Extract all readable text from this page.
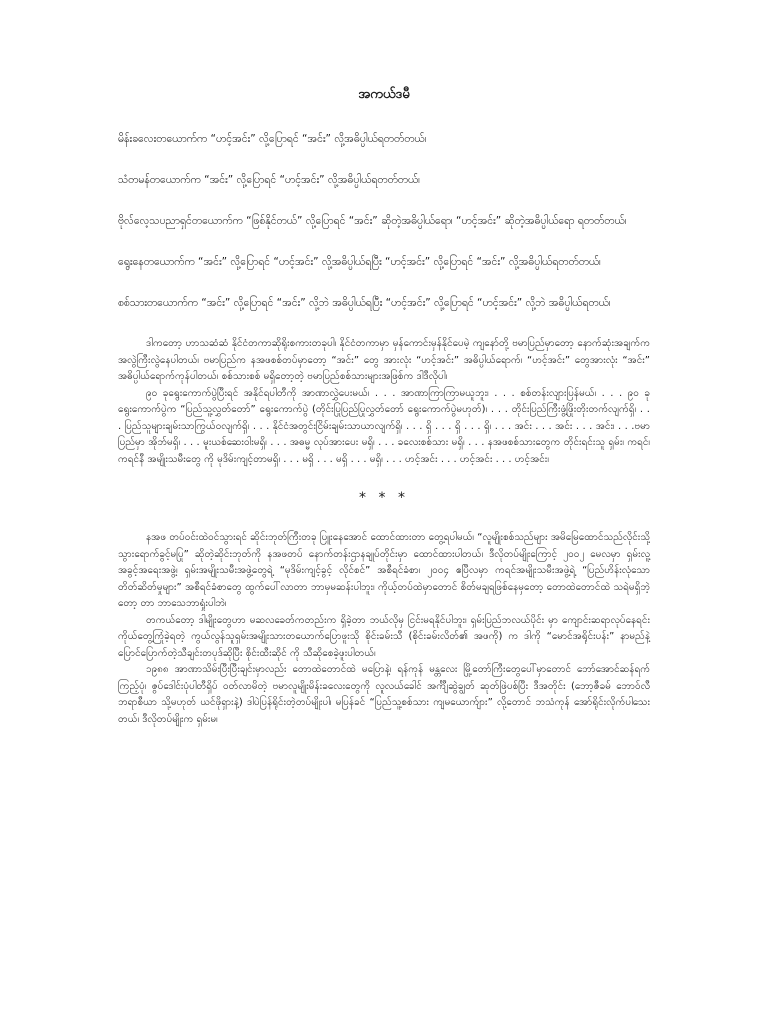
အကယ်ဒမီ

မိန်းခလေးတယောက်က “ဟင့်အင်း” လို့ပြောရင် “အင်း” လို့အဓိပ္ပါယ်ရတတ်တယ်၊

သံတမန်တယောက်က “အင်း” လို့ပြောရင် “ဟင့်အင်း” လို့အဓိပ္ပါယ်ရတတ်တယ်၊

ဗိုလ်လေ့သပညာရှင်တယောက်က “ဖြစ်နိုင်တယ်” လို့ပြောရင် “အင်း” ဆိုတဲ့အဓိပ္ပါယ်ရော၊ “ဟင့်အင်း” ဆိုတဲ့အဓိပ္ပါယ်ရော ရတတ်တယ်၊

ရွေးနေတယောက်က “အင်း” လို့ပြောရင် “ဟင့်အင်း” လို့အဓိပ္ပါယ်ရပြီး “ဟင့်အင်း” လို့ပြောရင် “အင်း” လို့အဓိပ္ပါယ်ရတတ်တယ်၊

စစ်သားတယောက်က “အင်း” လို့ပြောရင် “အင်း” လို့ဘဲ အဓိပ္ပါယ်ရပြီး “ဟင့်အင်း” လို့ပြောရင် “ဟင့်အင်း” လို့ဘဲ အဓိပ္ပါယ်ရတယ်၊

ဒါကတော့ ဟာသဆံဆံ နိုင်ငံတကာဆိုရိုးစကားတခုပါ၊ နိုင်ငံတကာမှာ မှန်ကောင်းမှန်နိုင်ပေမဲ့ ကျနော်တို့ ဗမာပြည်မှာတော့ နောက်ဆုံးအချက်က အလွဲကြီးလွဲနေပါတယ်၊ ဗမာပြည်က နအဖစစ်တပ်မှာတော့ “အင်း” တွေ အားလုံး “ဟင့်အင်း” အဓိပ္ပါယ်ရောက်၊ “ဟင့်အင်း” တွေအားလုံး “အင်း” အဓိပ္ပါယ်ရောက်ကုန်ပါတယ်၊ စစ်သားစစ် မရှိတော့တဲ့ ဗမာပြည်စစ်သားများအဖြစ်က ဒါဒီလိုပါ၊

၉၀ ခုရွေးကောက်ပွဲပြီးရင် အနိုင်ရပါတီကို အာဏာလွှဲပေးမယ်၊ . . . အာဏာကြာကြာမယူဘူး၊ . . . စစ်တန်းလျားပြန်မယ်၊ . . . ၉၀ ခုရွေးကောက်ပွဲက “ပြည်သူ့လွှတ်တော်” ရွေးကောက်ပွဲ (တိုင်းပြုပြည်ပြုလွှတ်တော် ရွေးကောက်ပွဲမဟုတ်)၊ . . . တိုင်းပြည်ကြီးဖွံ့ဖြိုးတိုးတက်လျက်ရှိ၊ . . . ပြည်သူများချမ်းသာကြွယ်ဝလျက်ရှိ၊ . . . နိုင်ငံအတွင်းငြိမ်းချမ်းသာယာလျက်ရှိ၊ . . . ရှိ . . . ရှိ . . . ရှိ၊ . . . အင်း . . . အင်း . . . အင်း၊ . . .ဗမာပြည်မှာ အိုဘ်မရှိ၊ . . . မူးယစ်ဆေးဝါးမရှိ၊ . . . အဓမ္မ လုပ်အားပေး မရှိ၊ . . . ခလေးစစ်သား မရှိ၊ . . . နအဖစစ်သားတွေက တိုင်းရင်းသူ ရှမ်း၊ ကရင်၊ ကရင်နီ အမျိုးသမီးတွေ ကို မုဒိမ်းကျင့်တာမရှိ၊ . . . မရှိ . . . မရှိ . . . မရှိ၊ . . . ဟင့်အင်း . . . ဟင့်အင်း . . . ဟင့်အင်း၊

* * *

နအဖ တပ်ဝင်းထဲဝင်သွားရင် ဆိုင်းဘုတ်ကြီးတခု ပြူးနေအောင် ထောင်ထားတာ တွေ့ရပါမယ်၊ “လူမျိုးစစ်သည်များ အမိမြေထောင်သည်လိုင်းသို့ သွားရောက်ခွင့်မပြု” ဆိုတဲ့ဆိုင်းဘုတ်ကို နအဖတပ် နောက်တန်းဌာနချုပ်တိုင်းမှာ ထောင်ထားပါတယ်၊ ဒီလိုတပ်မျိုးကြောင့် ၂၀၀၂ မေလမှာ ရှမ်းလူ့အခွင့်အရေးအဖွဲ့၊ ရှမ်းအမျိုးသမီးအဖွဲ့တွေရဲ့ “မုဒိမ်းကျင့်ခွင့် လိုင်စင်” အစီရင်ခံစာ၊ ၂၀၀၄ ဧပြီလမှာ ကရင်အမျိုးသမီးအဖွဲ့ရဲ့ “ပြည်ဟိန်းလုံသော တိတ်ဆိတ်မှုများ” အစီရင်ခံစာတွေ ထွက်ပေါ်လာတာ ဘာမှမဆန်းပါဘူး၊ ကိုယ့်တပ်ထဲမှာတောင် စိတ်မချရဖြစ်နေမှတော့ တောထဲတောင်ထဲ သရဲမရှိဘဲ့တော့ တာ ဘာသေဘာရှုံးပါဘဲ၊

တကယ်တော့ ဒါမျိုးတွေဟာ မဆလခေတ်ကတည်းက ရှိခဲ့တာ ဘယ်လိုမှ ငြင်းမရနိုင်ပါဘူး၊ ရှမ်းပြည်ဘလယ်ပိုင်း မှာ ကျောင်းဆရာလုပ်နေရင်း ကိုယ်တွေ့ကြုံခဲ့ရတဲ့ ကွယ်လွန်သူရှမ်းအမျိုးသားတယောက်ပြောဖူးသို စိုင်းခမ်းသီ (စိုင်းခမ်းလိတ်၏ အဖကို) က ဒါကို “မောင်အရိုင်းပန်း” နာမည်နဲ့ ပြောင်ပြောက်တဲ့သီချင်းတပုဒ်ဆိုပြီး စိုင်းထီးဆိုင် ကို သီဆိုစေခဲ့ဖူးပါတယ်၊

၁၉၈၈ အာဏာသိမ်းပြီးပြီးချင်းမှာလည်း တောထဲတောင်ထဲ မပြောနဲ့၊ ရန်ကုန် မန္တလေး မြို့တော်ကြီးတွေပေါ်မှာတောင် ဘော်အောင်ဆန်ရက်ကြည့်ပုံ၊ ဇွပ်ဒေါင်းပုံပါတီရှိပ် ဝတ်လာမိတဲ့ ဗမာလူမျိုးမိန်းခလေးတွေကို လူလယ်ခေါင် အင်္ကျီဆွဲချွတ် ဆုတ်ဖြဲပစ်ပြီး ဒီအတိုင်း (ဘော့ဇီခမ် ဘောဝ်လီ ဘရာစီယာ သို့မဟုတ် ယင်ဖိုရှားနဲ့) ဒါပဲပြန်ရိုင်းတဲ့တပ်မျိုးပါ၊ မပြန်ခင် “ပြည်သူ့စစ်သား ကျမယောက်ျား” လို့တောင် ဘသံကုန် အော်ရိုင်းလိုက်ပါသေးတယ်၊ ဒီလိုတပ်မျိုးက ရှမ်းမ၊
